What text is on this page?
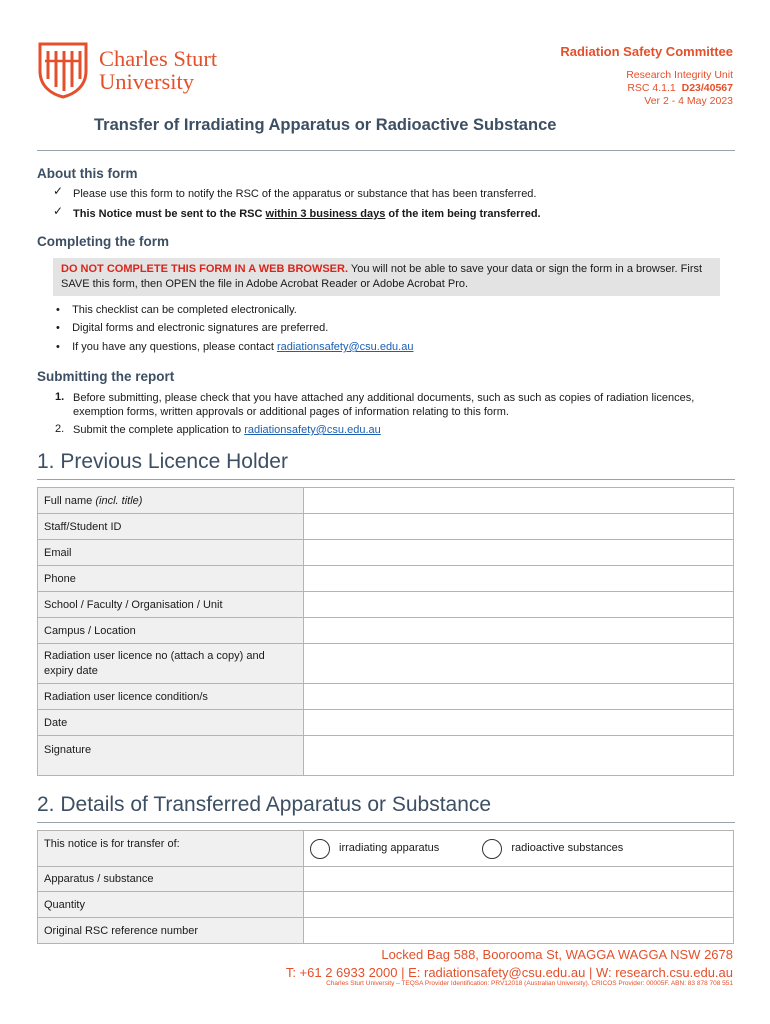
Charles Sturt
University
Radiation Safety Committee
Research Integrity Unit
RSC 4.1.1 D23/40567
Ver 2 - 4 May 2023
Transfer of Irradiating Apparatus or Radioactive Substance
About this form
✓ Please use this form to notify the RSC of the apparatus or substance that has been transferred.
✓ This Notice must be sent to the RSC within 3 business days of the item being transferred.
Completing the form
DO NOT COMPLETE THIS FORM IN A WEB BROWSER. You will not be able to save your data or sign the form in a browser. First SAVE this form, then OPEN the file in Adobe Acrobat Reader or Adobe Acrobat Pro.
•    This checklist can be completed electronically.
•    Digital forms and electronic signatures are preferred.
•    If you have any questions, please contact radiationsafety@csu.edu.au
Submitting the report
1. Before submitting, please check that you have attached any additional documents, such as such as copies of radiation licences, exemption forms, written approvals or additional pages of information relating to this form.
2. Submit the complete application to radiationsafety@csu.edu.au
1. Previous Licence Holder
Full name (incl. title)	
Staff/Student ID	
Email	
Phone	
School / Faculty / Organisation / Unit	
Campus / Location	
Radiation user licence no (attach a copy) and expiry date	
Radiation user licence condition/s	
Date	
Signature	
2. Details of Transferred Apparatus or Substance
This notice is for transfer of:	irradiating apparatus radioactive substances
Apparatus / substance	
Quantity	
Original RSC reference number	
Locked Bag 588, Boorooma St, WAGGA WAGGA NSW 2678
T: +61 2 6933 2000 | E: radiationsafety@csu.edu.au | W: research.csu.edu.au
Charles Sturt University – TEQSA Provider Identification: PRV12018 (Australian University). CRICOS Provider: 00005F. ABN: 83 878 708 551
